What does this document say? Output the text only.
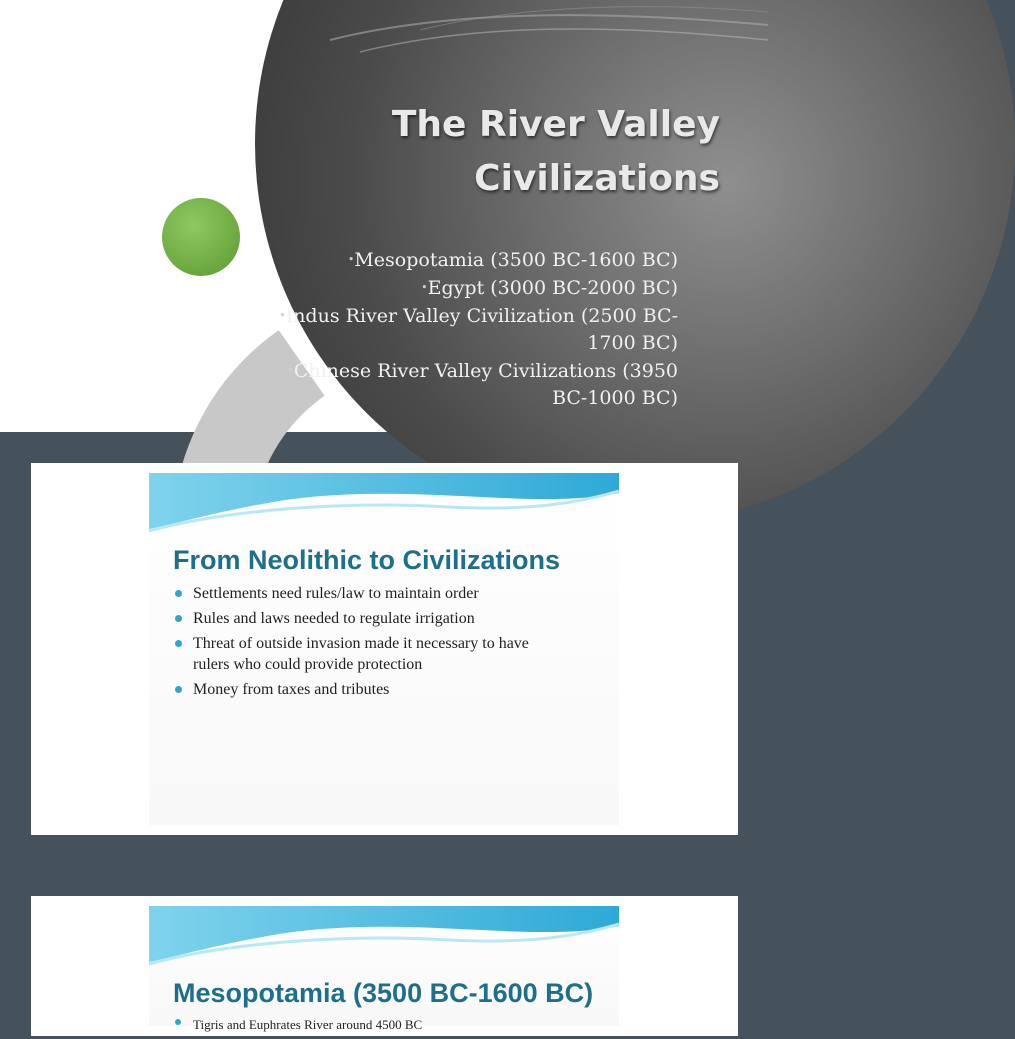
The River Valley
Civilizations
•Mesopotamia (3500 BC-1600 BC)
•Egypt (3000 BC-2000 BC)
•Indus River Valley Civilization (2500 BC-
1700 BC)
•Chinese River Valley Civilizations (3950
BC-1000 BC)
From Neolithic to Civilizations
Settlements need rules/law to maintain order
Rules and laws needed to regulate irrigation
Threat of outside invasion made it necessary to have
rulers who could provide protection
Money from taxes and tributes
Mesopotamia (3500 BC-1600 BC)
Tigris and Euphrates River around 4500 BC
